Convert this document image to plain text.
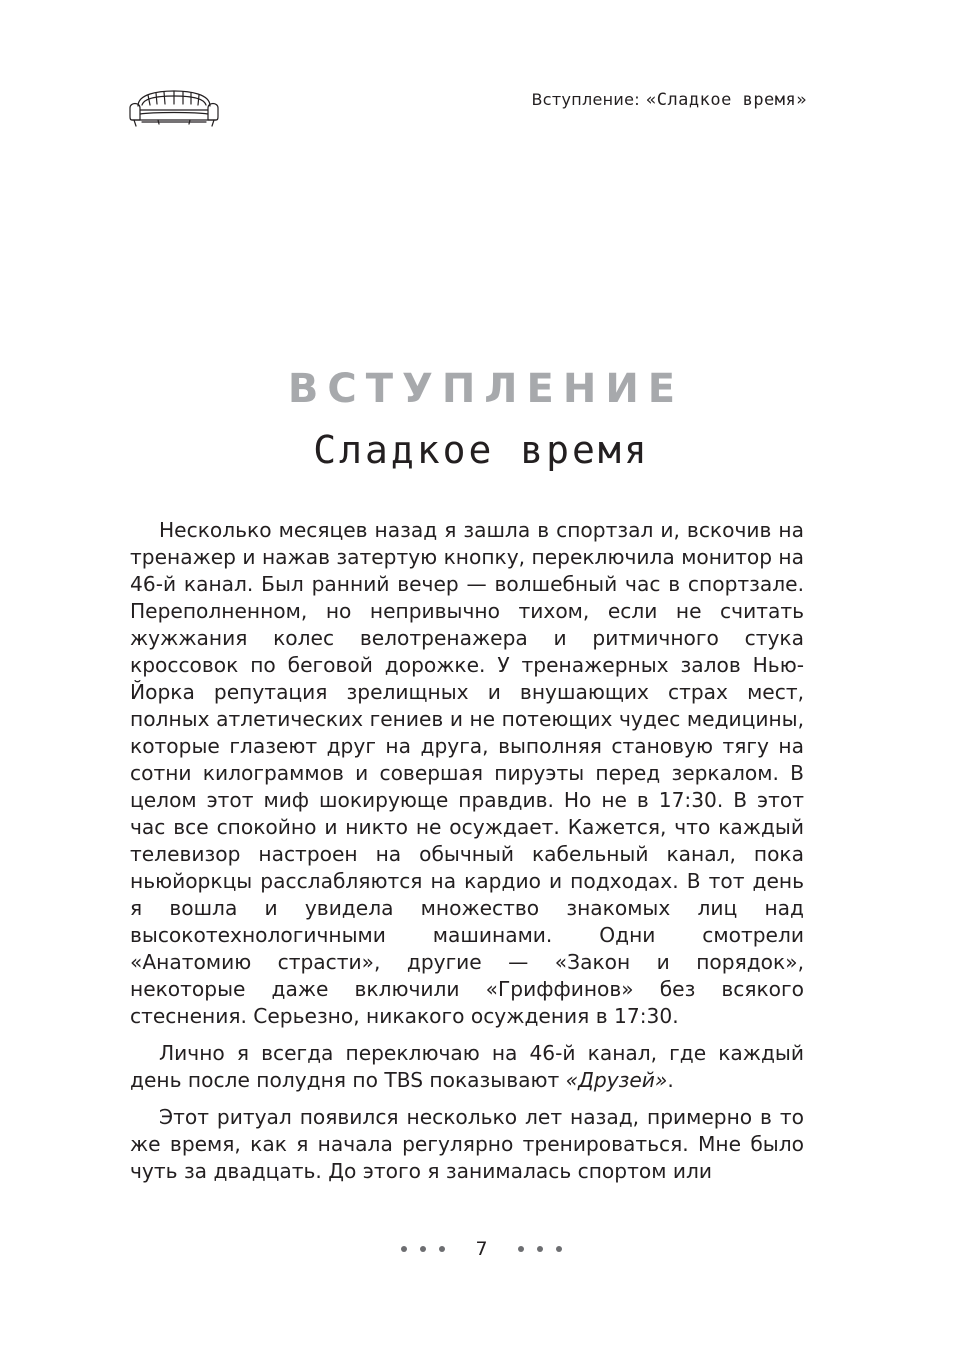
Вступление: «Сладкое время»
ВСТУПЛЕНИЕ
Сладкое время

Несколько месяцев назад я зашла в спортзал и, вскочив на тренажер и нажав затертую кнопку, переключила монитор на 46-й канал. Был ранний вечер — волшебный час в спортзале. Переполненном, но непривычно тихом, если не считать жужжания колес велотренажера и ритмичного стука кроссовок по беговой дорожке. У тренажерных залов Нью-Йорка репутация зрелищных и внушающих страх мест, полных атлетических гениев и не потеющих чудес медицины, которые глазеют друг на друга, выполняя становую тягу на сотни килограммов и совершая пируэты перед зеркалом. В целом этот миф шокирующе правдив. Но не в 17:30. В этот час все спокойно и никто не осуждает. Кажется, что каждый телевизор настроен на обычный кабельный канал, пока ньюйоркцы расслабляются на кардио и подходах. В тот день я вошла и увидела множество знакомых лиц над высокотехнологичными машинами. Одни смотрели «Анатомию страсти», другие — «Закон и порядок», некоторые даже включили «Гриффинов» без всякого стеснения. Серьезно, никакого осуждения в 17:30.

Лично я всегда переключаю на 46-й канал, где каждый день после полудня по TBS показывают «Друзей».

Этот ритуал появился несколько лет назад, примерно в то же время, как я начала регулярно тренироваться. Мне было чуть за двадцать. До этого я занималась спортом или

7
